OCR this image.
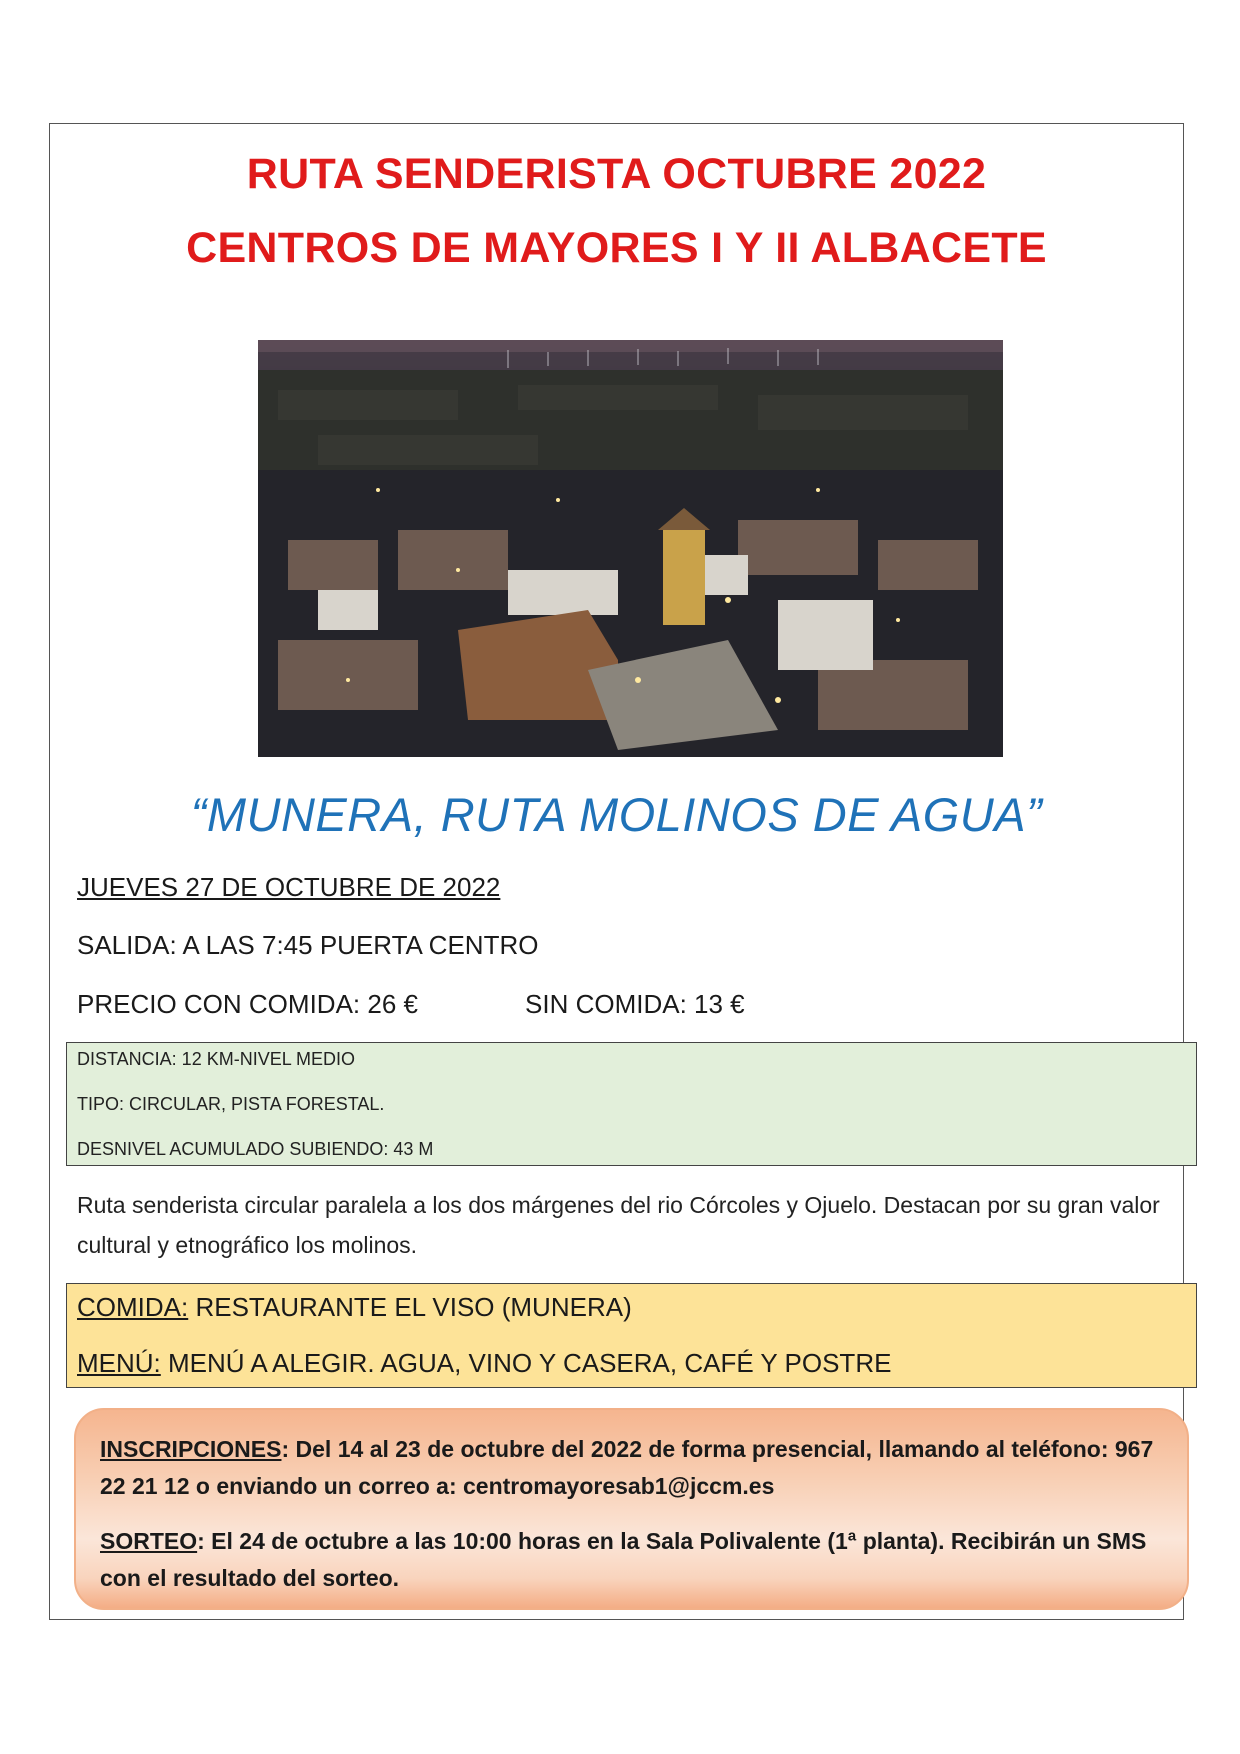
RUTA SENDERISTA OCTUBRE 2022
CENTROS DE MAYORES I Y II ALBACETE
“MUNERA, RUTA MOLINOS DE AGUA”
JUEVES 27 DE OCTUBRE DE 2022
SALIDA: A LAS 7:45 PUERTA CENTRO
PRECIO CON COMIDA: 26 €	SIN COMIDA: 13 €
DISTANCIA: 12 KM-NIVEL MEDIO
TIPO: CIRCULAR, PISTA FORESTAL.
DESNIVEL ACUMULADO SUBIENDO: 43 M
Ruta senderista circular paralela a los dos márgenes del rio Córcoles y Ojuelo. Destacan por su gran valor cultural y etnográfico los molinos.
COMIDA: RESTAURANTE EL VISO (MUNERA)
MENÚ: MENÚ A ALEGIR. AGUA, VINO Y CASERA, CAFÉ Y POSTRE
INSCRIPCIONES: Del 14 al 23 de octubre del 2022 de forma presencial, llamando al teléfono: 967 22 21 12 o enviando un correo a: centromayoresab1@jccm.es
SORTEO: El 24 de octubre a las 10:00 horas en la Sala Polivalente (1ª planta). Recibirán un SMS con el resultado del sorteo.
